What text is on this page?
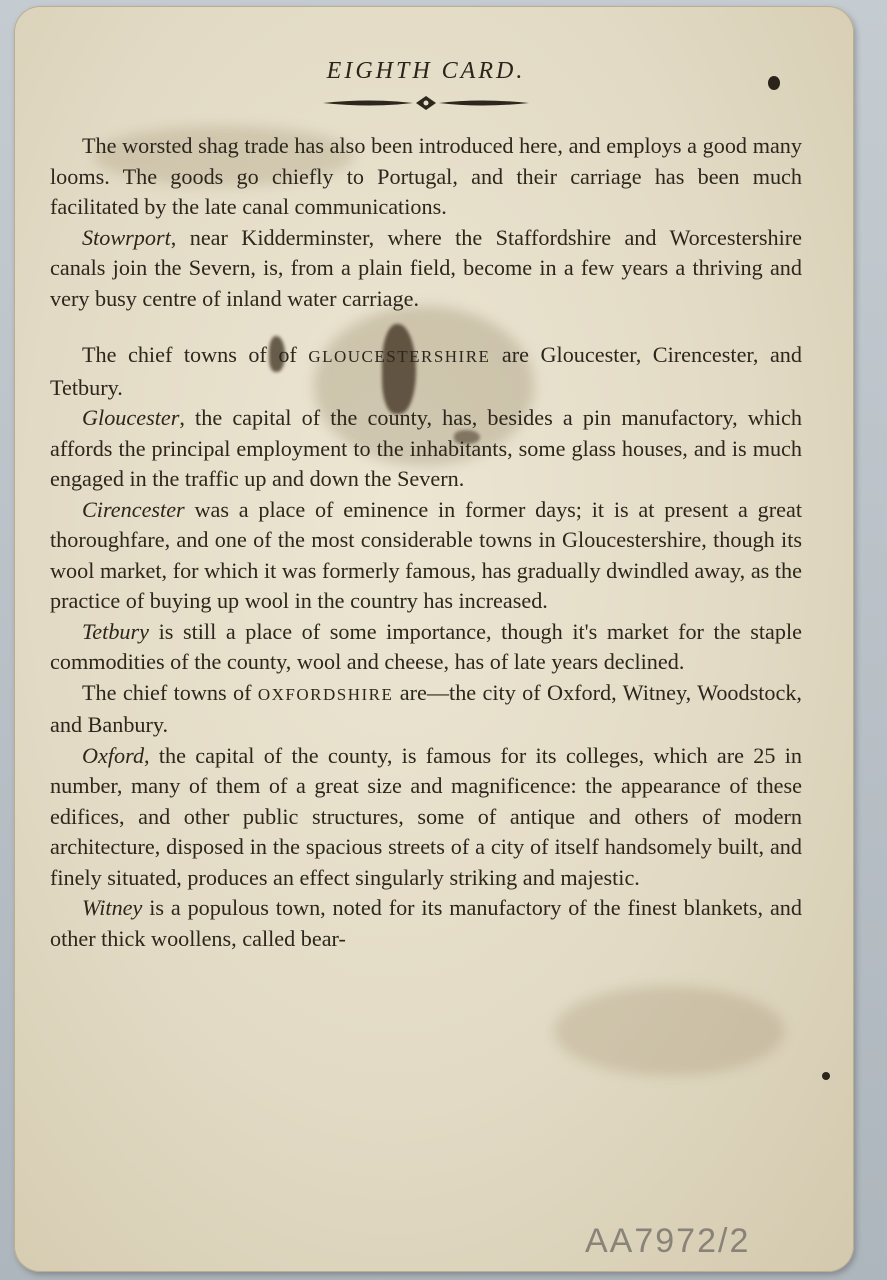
EIGHTH CARD.

The worsted shag trade has also been introduced here, and employs a good many looms. The goods go chiefly to Portugal, and their carriage has been much facilitated by the late canal communications.

Stowrport, near Kidderminster, where the Staffordshire and Worcestershire canals join the Severn, is, from a plain field, become in a few years a thriving and very busy centre of inland water carriage.

The chief towns of of GLOUCESTERSHIRE are Gloucester, Cirencester, and Tetbury.

Gloucester, the capital of the county, has, besides a pin manufactory, which affords the principal employment to the inhabitants, some glass houses, and is much engaged in the traffic up and down the Severn.

Cirencester was a place of eminence in former days; it is at present a great thoroughfare, and one of the most considerable towns in Gloucestershire, though its wool market, for which it was formerly famous, has gradually dwindled away, as the practice of buying up wool in the country has increased.

Tetbury is still a place of some importance, though it's market for the staple commodities of the county, wool and cheese, has of late years declined.

The chief towns of OXFORDSHIRE are—the city of Oxford, Witney, Woodstock, and Banbury.

Oxford, the capital of the county, is famous for its colleges, which are 25 in number, many of them of a great size and magnificence: the appearance of these edifices, and other public structures, some of antique and others of modern architecture, disposed in the spacious streets of a city of itself handsomely built, and finely situated, produces an effect singularly striking and majestic.

Witney is a populous town, noted for its manufactory of the finest blankets, and other thick woollens, called bear-

AA7972/2
